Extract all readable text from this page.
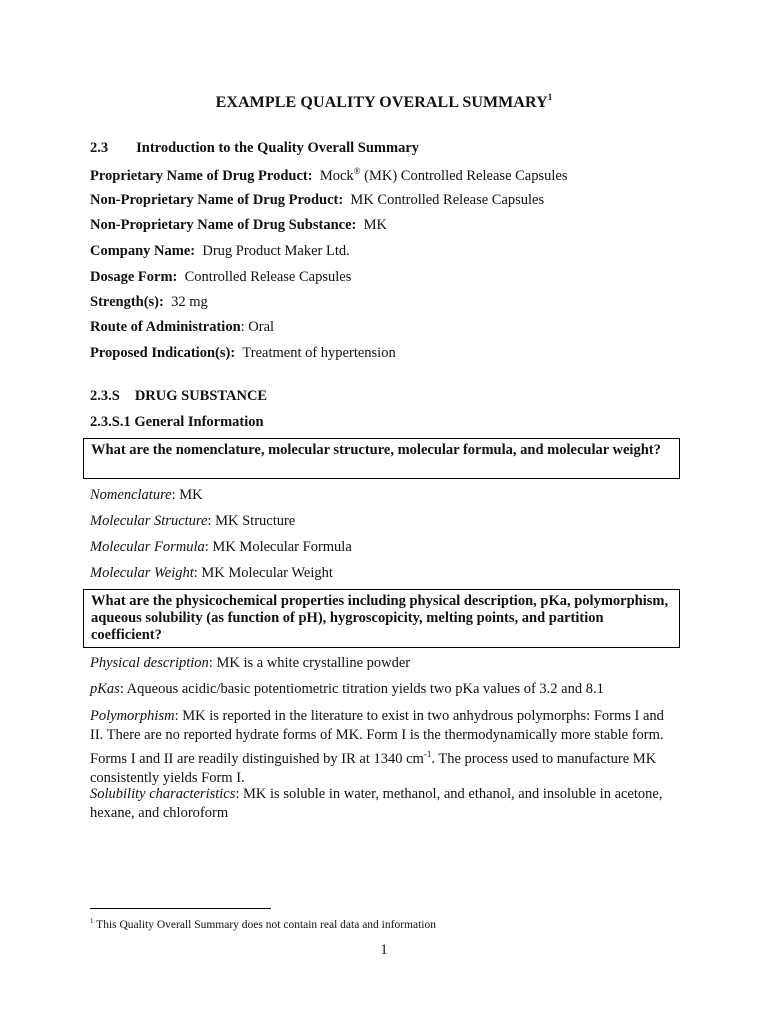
EXAMPLE QUALITY OVERALL SUMMARY$^1$
2.3 Introduction to the Quality Overall Summary
Proprietary Name of Drug Product: Mock® (MK) Controlled Release Capsules
Non-Proprietary Name of Drug Product: MK Controlled Release Capsules
Non-Proprietary Name of Drug Substance: MK
Company Name: Drug Product Maker Ltd.
Dosage Form: Controlled Release Capsules
Strength(s): 32 mg
Route of Administration: Oral
Proposed Indication(s): Treatment of hypertension
2.3.S DRUG SUBSTANCE
2.3.S.1 General Information
What are the nomenclature, molecular structure, molecular formula, and molecular weight?
Nomenclature: MK
Molecular Structure: MK Structure
Molecular Formula: MK Molecular Formula
Molecular Weight: MK Molecular Weight
What are the physicochemical properties including physical description, pKa, polymorphism, aqueous solubility (as function of pH), hygroscopicity, melting points, and partition coefficient?
Physical description: MK is a white crystalline powder
pKas: Aqueous acidic/basic potentiometric titration yields two pKa values of 3.2 and 8.1
Polymorphism: MK is reported in the literature to exist in two anhydrous polymorphs: Forms I and II. There are no reported hydrate forms of MK. Form I is the thermodynamically more stable form. Forms I and II are readily distinguished by IR at 1340 $cm^{-1}$. The process used to manufacture MK consistently yields Form I.
Solubility characteristics: MK is soluble in water, methanol, and ethanol, and insoluble in acetone, hexane, and chloroform
$^1$ This Quality Overall Summary does not contain real data and information
1
